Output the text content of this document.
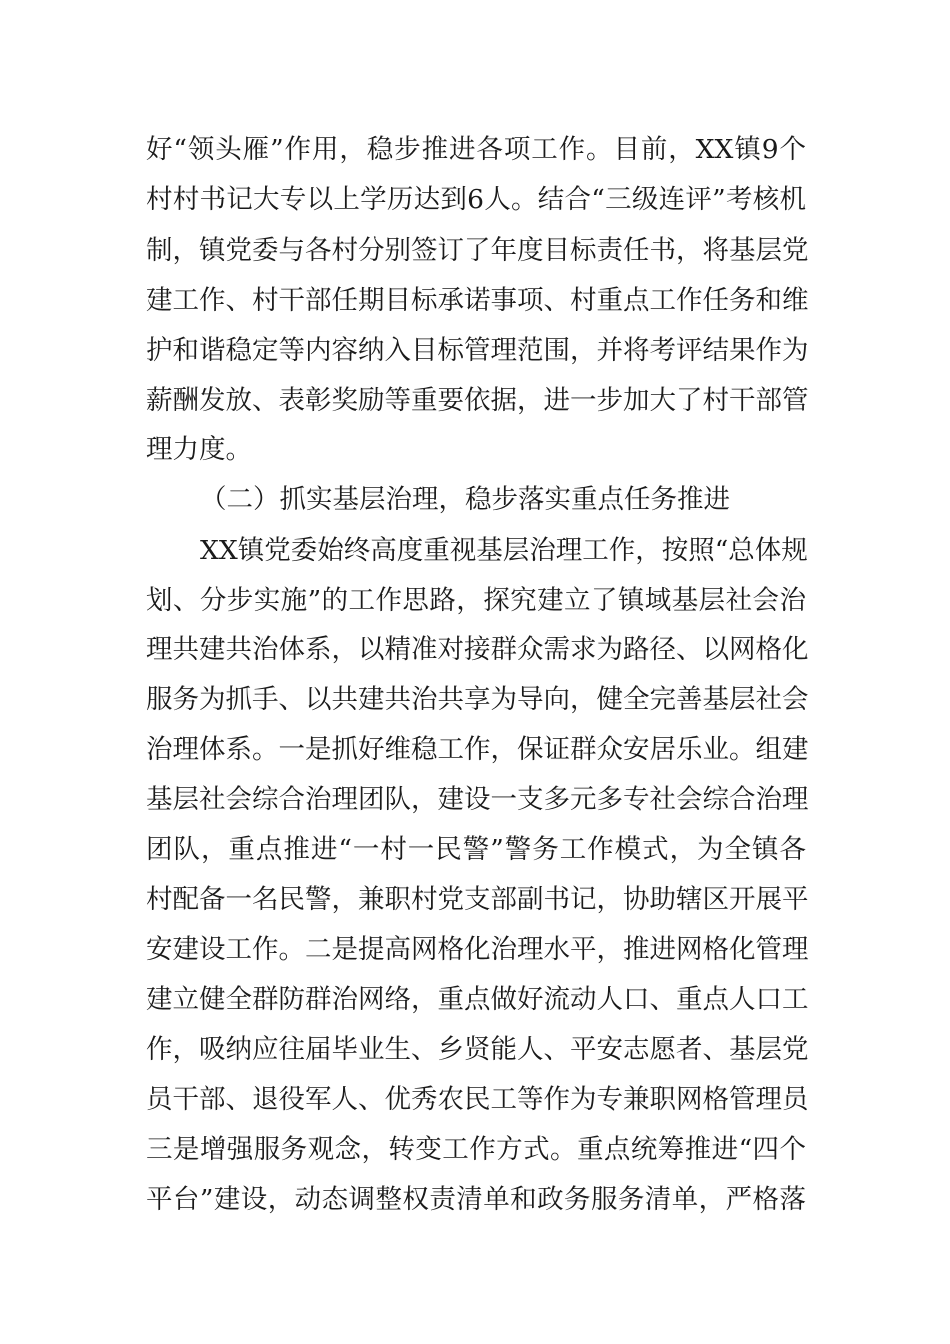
好“领头雁”作用，稳步推进各项工作。目前，XX镇9个
村村书记大专以上学历达到6人。结合“三级连评”考核机
制，镇党委与各村分别签订了年度目标责任书，将基层党
建工作、村干部任期目标承诺事项、村重点工作任务和维
护和谐稳定等内容纳入目标管理范围，并将考评结果作为
薪酬发放、表彰奖励等重要依据，进一步加大了村干部管
理力度。
（二）抓实基层治理，稳步落实重点任务推进
XX镇党委始终高度重视基层治理工作，按照“总体规
划、分步实施”的工作思路，探究建立了镇域基层社会治
理共建共治体系，以精准对接群众需求为路径、以网格化
服务为抓手、以共建共治共享为导向，健全完善基层社会
治理体系。一是抓好维稳工作，保证群众安居乐业。组建
基层社会综合治理团队，建设一支多元多专社会综合治理
团队，重点推进“一村一民警”警务工作模式，为全镇各
村配备一名民警，兼职村党支部副书记，协助辖区开展平
安建设工作。二是提高网格化治理水平，推进网格化管理
建立健全群防群治网络，重点做好流动人口、重点人口工
作，吸纳应往届毕业生、乡贤能人、平安志愿者、基层党
员干部、退役军人、优秀农民工等作为专兼职网格管理员
三是增强服务观念，转变工作方式。重点统筹推进“四个
平台”建设，动态调整权责清单和政务服务清单，严格落
